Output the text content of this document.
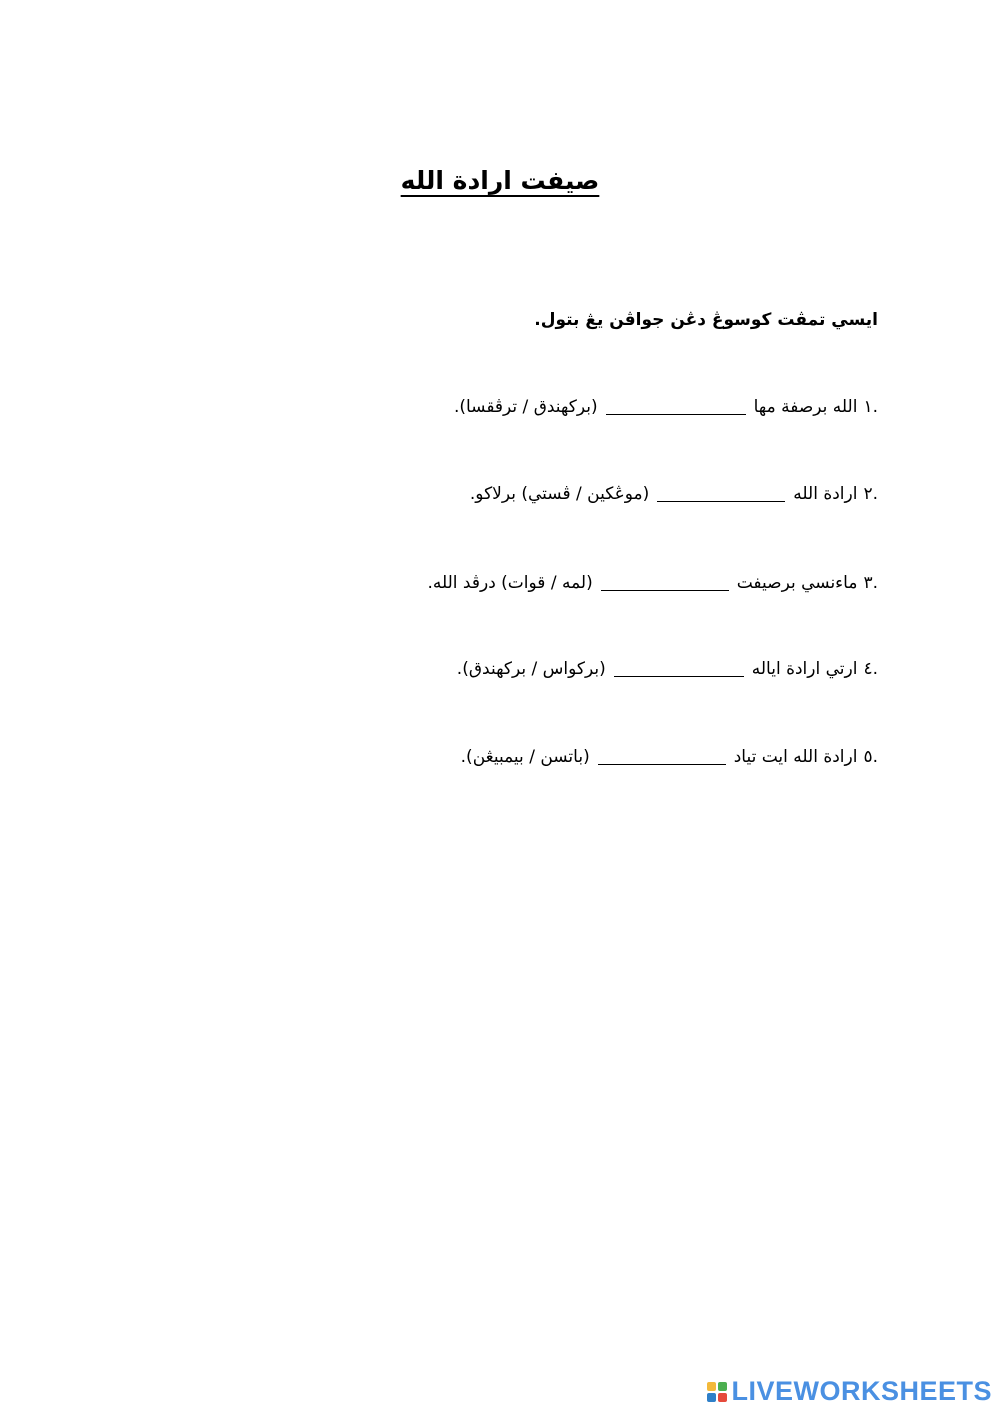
صيفت ارادة الله
ايسي تمڤت كوسوڠ دڠن جواڤن يڠ بتول.
.١
الله برصفة مها
(بركهندق / ترڤقسا).
.٢
ارادة الله
(موڠكين / ڤستي) برلاكو.
.٣
ماءنسي برصيفت
(لمه / قوات) درڤد الله.
.٤
ارتي ارادة اياله
(بركواس / بركهندق).
.٥
ارادة الله ايت تياد
(باتسن / بيمبيڠن).
LIVEWORKSHEETS
